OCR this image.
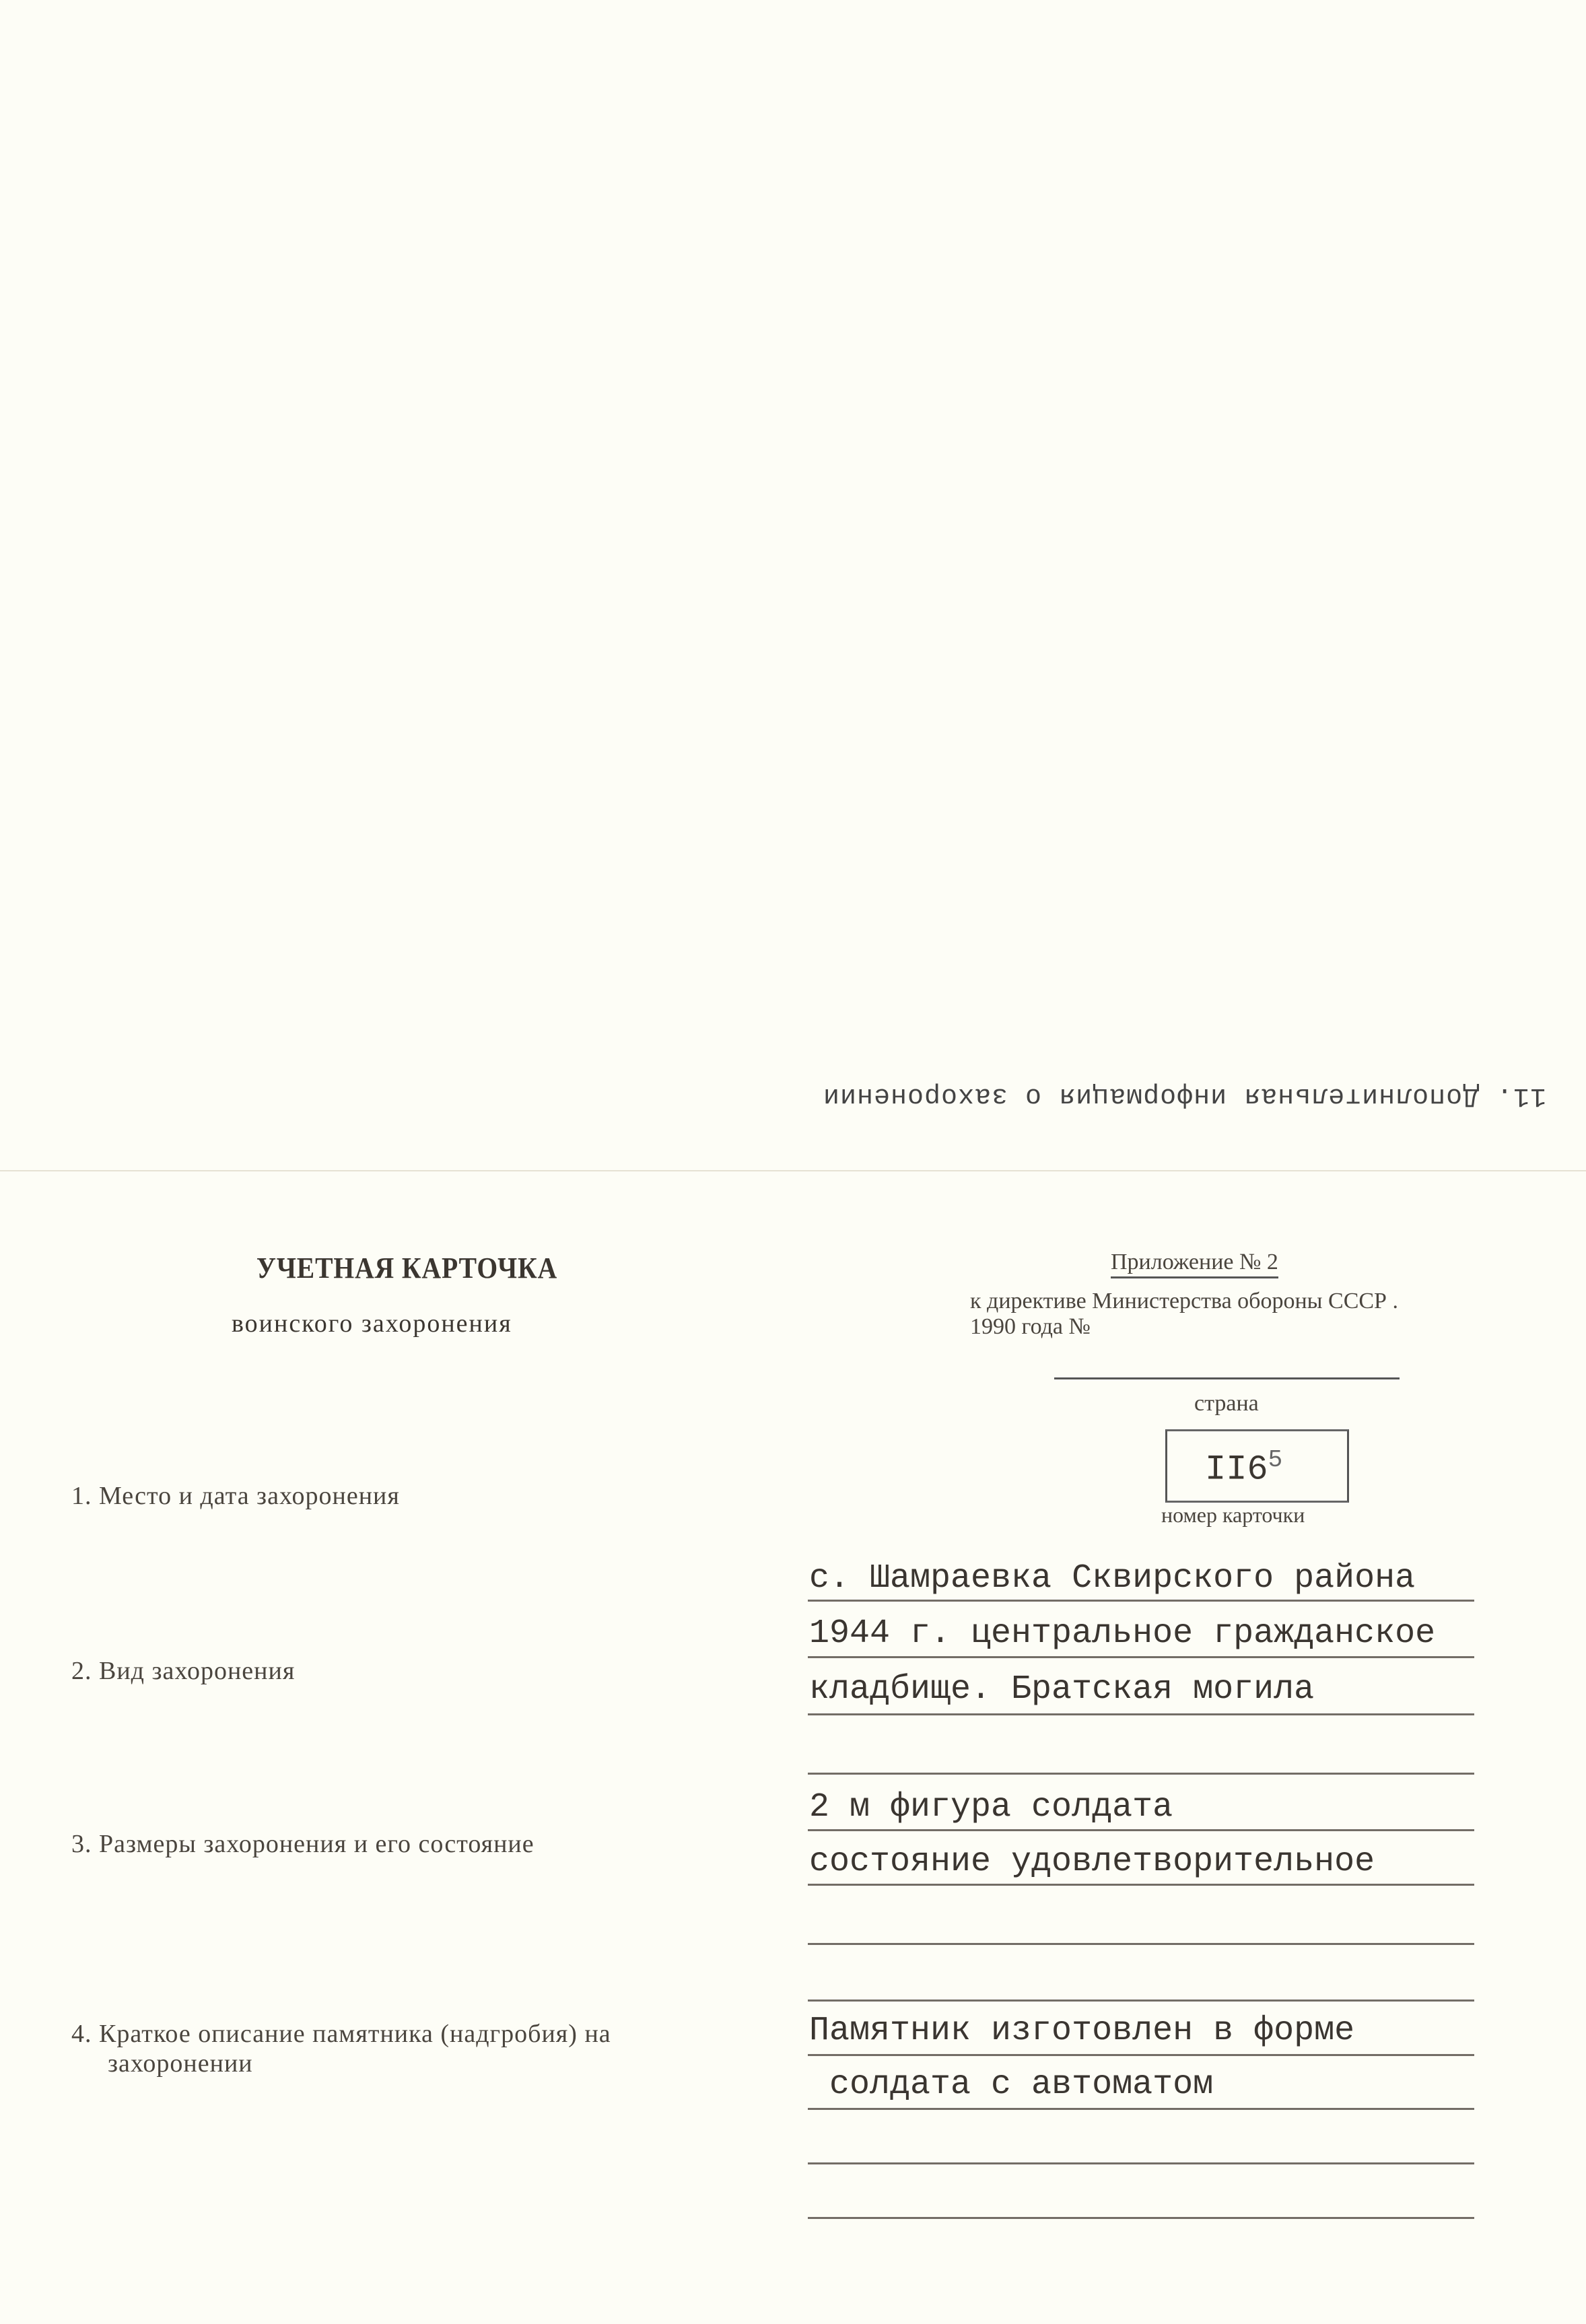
11. Дополнительная информация о захоронении
УЧЕТНАЯ КАРТОЧКА
воинского захоронения
Приложение № 2
к директиве Министерства обороны СССР .
1990 года №
страна
$II6^5$
номер карточки
1. Место и дата захоронения
2. Вид захоронения
3. Размеры захоронения и его состояние
4. Краткое описание памятника (надгробия) на
захоронении
с. Шамраевка Сквирского района
1944 г. центральное гражданское
кладбище. Братская могила
2 м фигура солдата
состояние удовлетворительное
Памятник изготовлен в форме
солдата с автоматом
